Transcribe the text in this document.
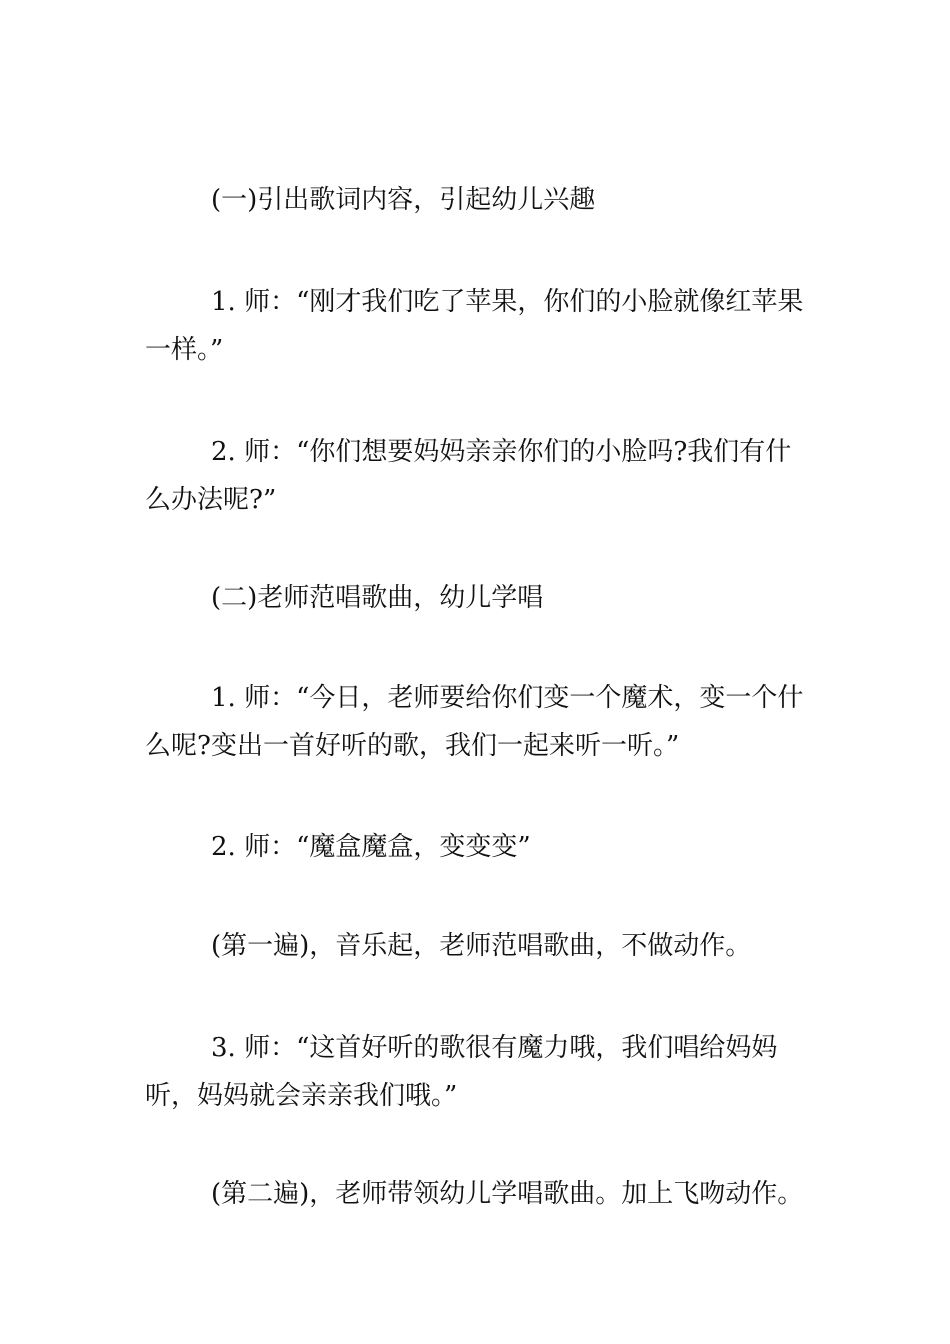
(一)引出歌词内容，引起幼儿兴趣

1. 师：“刚才我们吃了苹果，你们的小脸就像红苹果一样。”

2. 师：“你们想要妈妈亲亲你们的小脸吗?我们有什么办法呢?”

(二)老师范唱歌曲，幼儿学唱

1. 师：“今日，老师要给你们变一个魔术，变一个什么呢?变出一首好听的歌，我们一起来听一听。”

2. 师：“魔盒魔盒，变变变”

(第一遍)，音乐起，老师范唱歌曲，不做动作。

3. 师：“这首好听的歌很有魔力哦，我们唱给妈妈听，妈妈就会亲亲我们哦。”

(第二遍)，老师带领幼儿学唱歌曲。加上飞吻动作。
